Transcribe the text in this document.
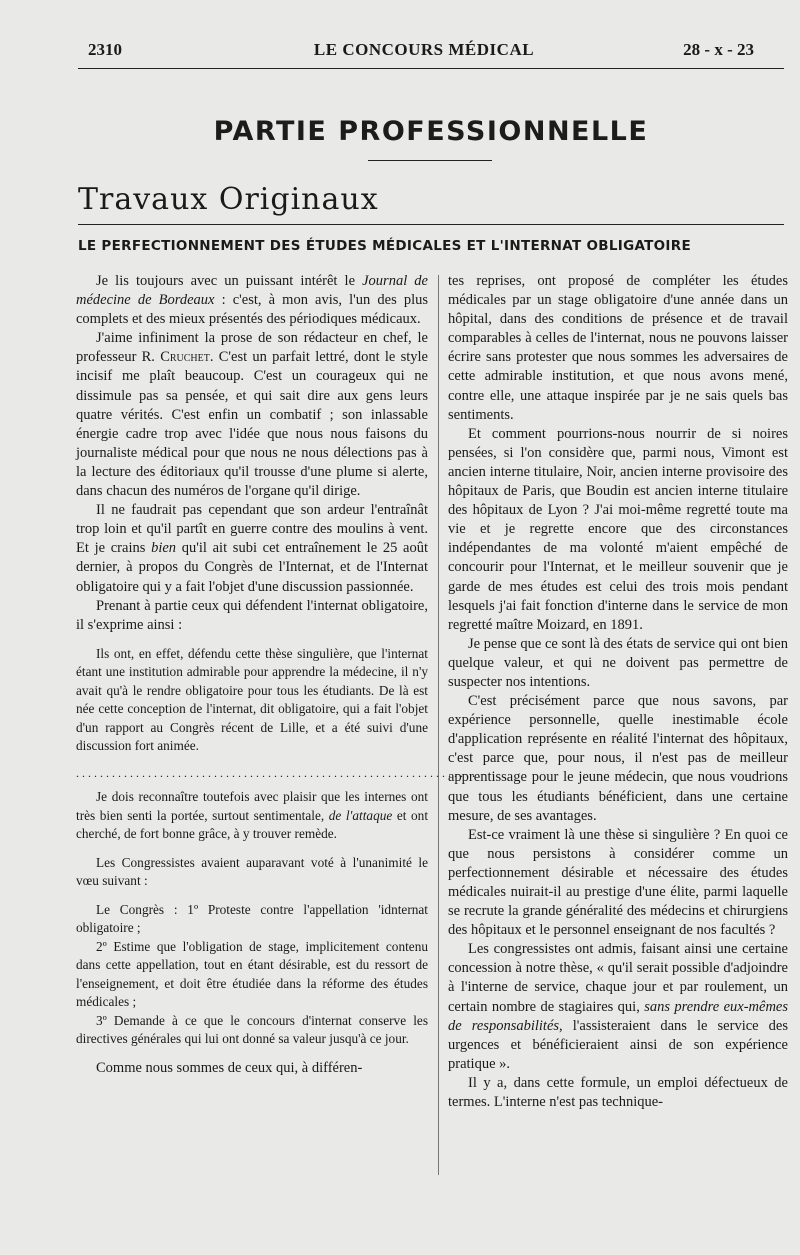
2310	LE CONCOURS MÉDICAL	28 - x - 23
PARTIE PROFESSIONNELLE
Travaux Originaux
LE PERFECTIONNEMENT DES ÉTUDES MÉDICALES ET L'INTERNAT OBLIGATOIRE

Je lis toujours avec un puissant intérêt le Journal de médecine de Bordeaux : c'est, à mon avis, l'un des plus complets et des mieux présentés des périodiques médicaux.

J'aime infiniment la prose de son rédacteur en chef, le professeur R. Cruchet. C'est un parfait lettré, dont le style incisif me plaît beaucoup. C'est un courageux qui ne dissimule pas sa pensée, et qui sait dire aux gens leurs quatre vérités. C'est enfin un combatif ; son inlassable énergie cadre trop avec l'idée que nous nous faisons du journaliste médical pour que nous ne nous délections pas à la lecture des éditoriaux qu'il trousse d'une plume si alerte, dans chacun des numéros de l'organe qu'il dirige.

Il ne faudrait pas cependant que son ardeur l'entraînât trop loin et qu'il partît en guerre contre des moulins à vent. Et je crains bien qu'il ait subi cet entraînement le 25 août dernier, à propos du Congrès de l'Internat, et de l'Internat obligatoire qui y a fait l'objet d'une discussion passionnée.

Prenant à partie ceux qui défendent l'internat obligatoire, il s'exprime ainsi :

Ils ont, en effet, défendu cette thèse singulière, que l'internat étant une institution admirable pour apprendre la médecine, il n'y avait qu'à le rendre obligatoire pour tous les étudiants. De là est née cette conception de l'internat, dit obligatoire, qui a fait l'objet d'un rapport au Congrès récent de Lille, et a été suivi d'une discussion fort animée.

...................................................................

Je dois reconnaître toutefois avec plaisir que les internes ont très bien senti la portée, surtout sentimentale, de l'attaque et ont cherché, de fort bonne grâce, à y trouver remède.

Les Congressistes avaient auparavant voté à l'unanimité le vœu suivant :

Le Congrès : 1º Proteste contre l'appellation 'idnternat obligatoire ;

2º Estime que l'obligation de stage, implicitement contenu dans cette appellation, tout en étant désirable, est du ressort de l'enseignement, et doit être étudiée dans la réforme des études médicales ;

3º Demande à ce que le concours d'internat conserve les directives générales qui lui ont donné sa valeur jusqu'à ce jour.

Comme nous sommes de ceux qui, à différen-

tes reprises, ont proposé de compléter les études médicales par un stage obligatoire d'une année dans un hôpital, dans des conditions de présence et de travail comparables à celles de l'internat, nous ne pouvons laisser écrire sans protester que nous sommes les adversaires de cette admirable institution, et que nous avons mené, contre elle, une attaque inspirée par je ne sais quels bas sentiments.

Et comment pourrions-nous nourrir de si noires pensées, si l'on considère que, parmi nous, Vimont est ancien interne titulaire, Noir, ancien interne provisoire des hôpitaux de Paris, que Boudin est ancien interne titulaire des hôpitaux de Lyon ? J'ai moi-même regretté toute ma vie et je regrette encore que des circonstances indépendantes de ma volonté m'aient empêché de concourir pour l'Internat, et le meilleur souvenir que je garde de mes études est celui des trois mois pendant lesquels j'ai fait fonction d'interne dans le service de mon regretté maître Moizard, en 1891.

Je pense que ce sont là des états de service qui ont bien quelque valeur, et qui ne doivent pas permettre de suspecter nos intentions.

C'est précisément parce que nous savons, par expérience personnelle, quelle inestimable école d'application représente en réalité l'internat des hôpitaux, c'est parce que, pour nous, il n'est pas de meilleur apprentissage pour le jeune médecin, que nous voudrions que tous les étudiants bénéficient, dans une certaine mesure, de ses avantages.

Est-ce vraiment là une thèse si singulière ? En quoi ce que nous persistons à considérer comme un perfectionnement désirable et nécessaire des études médicales nuirait-il au prestige d'une élite, parmi laquelle se recrute la grande généralité des médecins et chirurgiens des hôpitaux et le personnel enseignant de nos facultés ?

Les congressistes ont admis, faisant ainsi une certaine concession à notre thèse, « qu'il serait possible d'adjoindre à l'interne de service, chaque jour et par roulement, un certain nombre de stagiaires qui, sans prendre eux-mêmes de responsabilités, l'assisteraient dans le service des urgences et bénéficieraient ainsi de son expérience pratique ».

Il y a, dans cette formule, un emploi défectueux de termes. L'interne n'est pas technique-
